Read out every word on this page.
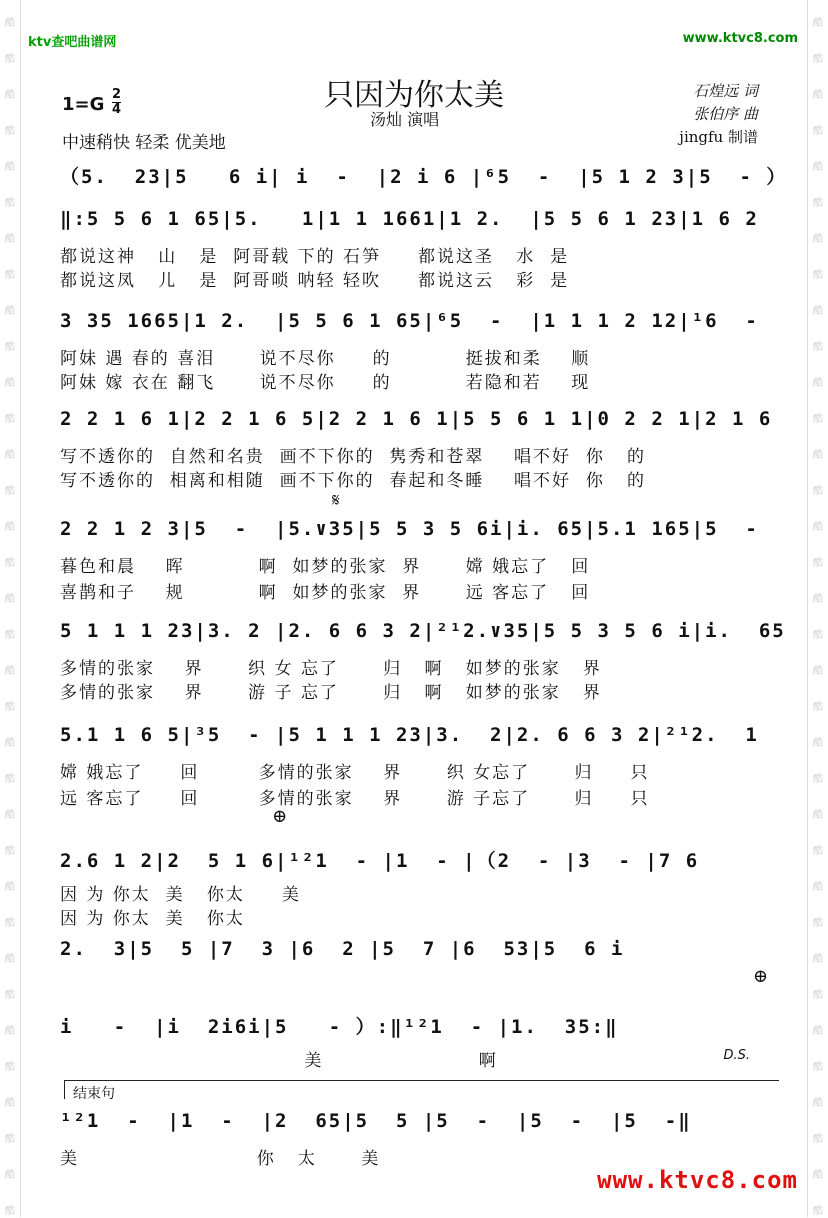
酷
酷
酷
酷
酷
酷
酷
酷
酷
酷
酷
酷
酷
酷
酷
酷
酷
酷
酷
酷
酷
酷
酷
酷
酷
酷
酷
酷
酷
酷
酷
酷
酷
酷
酷
酷
酷
酷
酷
酷
酷
酷
酷
酷
酷
酷
酷
酷
酷
酷
酷
酷
酷
酷
酷
酷
酷
酷
酷
酷
酷
酷
酷
酷
酷
酷
酷
酷
ktv查吧曲谱网	www.ktvc8.com
只因为你太美
汤灿 演唱
石煌远 词
张伯序 曲
jingfu 制谱
$1=G \frac{2}{4}$
中速稍快 轻柔 优美地
（5.  23|5   6 i| i  -  |2 i 6 |⁶5  -  |5 1 2 3|5  - ）
‖:5 5 6 1 65|5.   1|1 1 1661|1 2.  |5 5 6 1 23|1 6 2
都说这神   山   是  阿哥载 下的 石笋     都说这圣   水  是
都说这凤   儿   是  阿哥唢 呐轻 轻吹     都说这云   彩  是
3 35 1665|1 2.  |5 5 6 1 65|⁶5  -  |1 1 1 2 12|¹6  -
阿妹 遇 春的 喜泪      说不尽你     的          挺拔和柔    顺
阿妹 嫁 衣在 翻飞      说不尽你     的          若隐和若    现
2 2 1 6 1|2 2 1 6 5|2 2 1 6 1|5 5 6 1 1|0 2 2 1|2 1 6
写不透你的  自然和名贵  画不下你的  隽秀和苍翠    唱不好  你   的
写不透你的  相离和相随  画不下你的  春起和冬睡    唱不好  你   的
𝄋
2 2 1 2 3|5  -  |5.∨35|5 5 3 5 6i|i. 65|5.1 165|5  -
暮色和晨    晖          啊  如梦的张家  界      嫦 娥忘了   回
喜鹊和子    规          啊  如梦的张家  界      远 客忘了   回
5 1 1 1 23|3. 2 |2. 6 6 3 2|²¹2.∨35|5 5 3 5 6 i|i.  65
多情的张家    界      织 女 忘了      归   啊   如梦的张家   界
多情的张家    界      游 子 忘了      归   啊   如梦的张家   界
5.1 1 6 5|³5  - |5 1 1 1 23|3.  2|2. 6 6 3 2|²¹2.  1
嫦 娥忘了     回        多情的张家    界      织 女忘了      归     只
远 客忘了     回        多情的张家    界      游 子忘了      归     只
⊕
2.6 1 2|2  5 1 6|¹²1  - |1  - |（2  - |3  - |7 6
因 为 你太  美   你太     美
因 为 你太  美   你太
2.  3|5  5 |7  3 |6  2 |5  7 |6  53|5  6 i
⊕
i   -  |i  2i6i|5   - ）:‖¹²1  - |1.  35:‖
美                     啊	D.S.
结束句
¹²1  -  |1  -  |2  65|5  5 |5  -  |5  -  |5  -‖
美                        你   太      美
www.ktvc8.com
